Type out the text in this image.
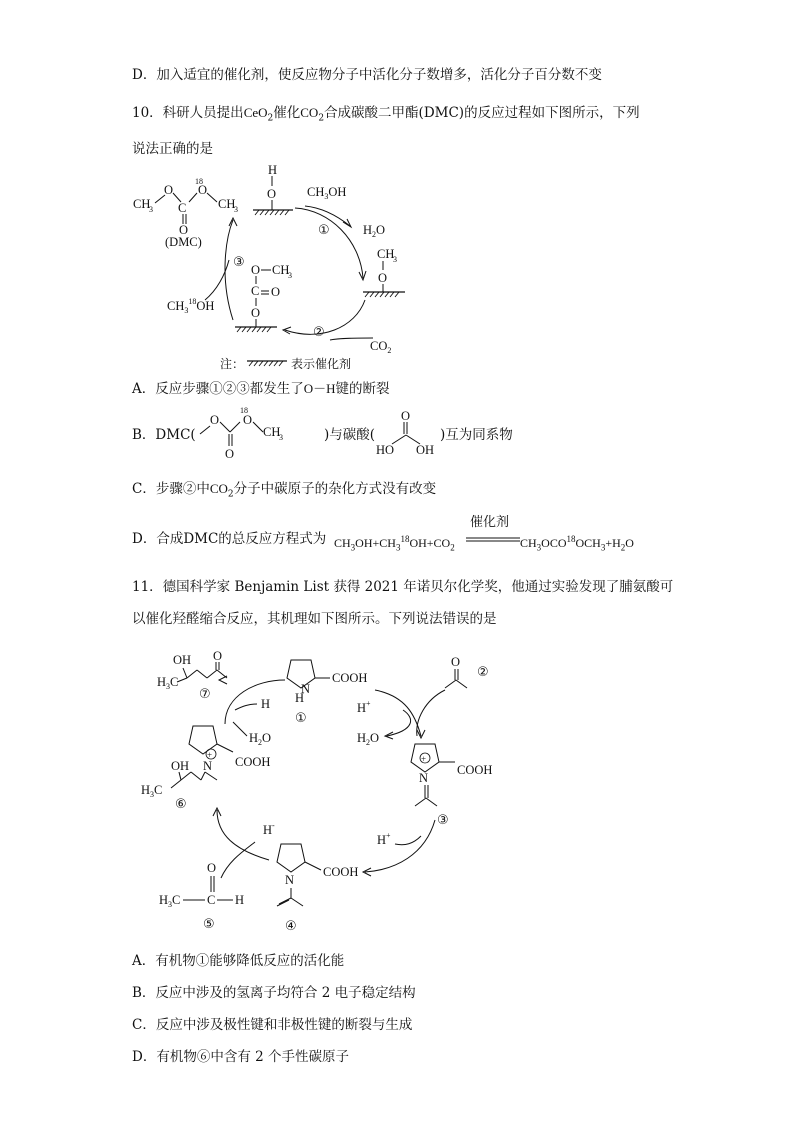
D．加入适宜的催化剂，使反应物分子中活化分子数增多，活化分子百分数不变
10．科研人员提出CeO$_2$催化$CO_2$合成碳酸二甲酯(DMC)的反应过程如下图所示，下列
说法正确的是
CH
3
O
C
O
18
O
CH
3
(DMC)
H
O $CH_3OH$
$H_2O$
①
CH
3
O
②
$CO_2$
O CH
3
C O
O
③
$CH_3^{18}OH$
注：	表示催化剂
A．反应步骤①②③都发生了O－H键的断裂
B．DMC(
O
O
18
O
CH
3	)与碳酸(
O
HO OH
)互为同系物
C．步骤②中$CO_2$分子中碳原子的杂化方式没有改变
D．合成DMC的总反应方程式为 $CH_3OH+CH_3^{18}OH+CO_2$
催化剂
$CH_3OCO^{18}OCH_3+H_2O$
11．德国科学家 Benjamin List 获得 2021 年诺贝尔化学奖，他通过实验发现了脯氨酸可
以催化羟醛缩合反应，其机理如下图所示。下列说法错误的是
OH O
$H_3C$
⑦	H
N
COOH
①
O
②
H+
$H_2O$
+
N
COOH
③
H+
N
COOH
④
H-
O
$H_3C$ C H
⑤
+
N COOH
OH
$H_3C$
⑥
H
$H_2O$
A．有机物①能够降低反应的活化能
B．反应中涉及的氢离子均符合 2 电子稳定结构
C．反应中涉及极性键和非极性键的断裂与生成
D．有机物⑥中含有 2 个手性碳原子
